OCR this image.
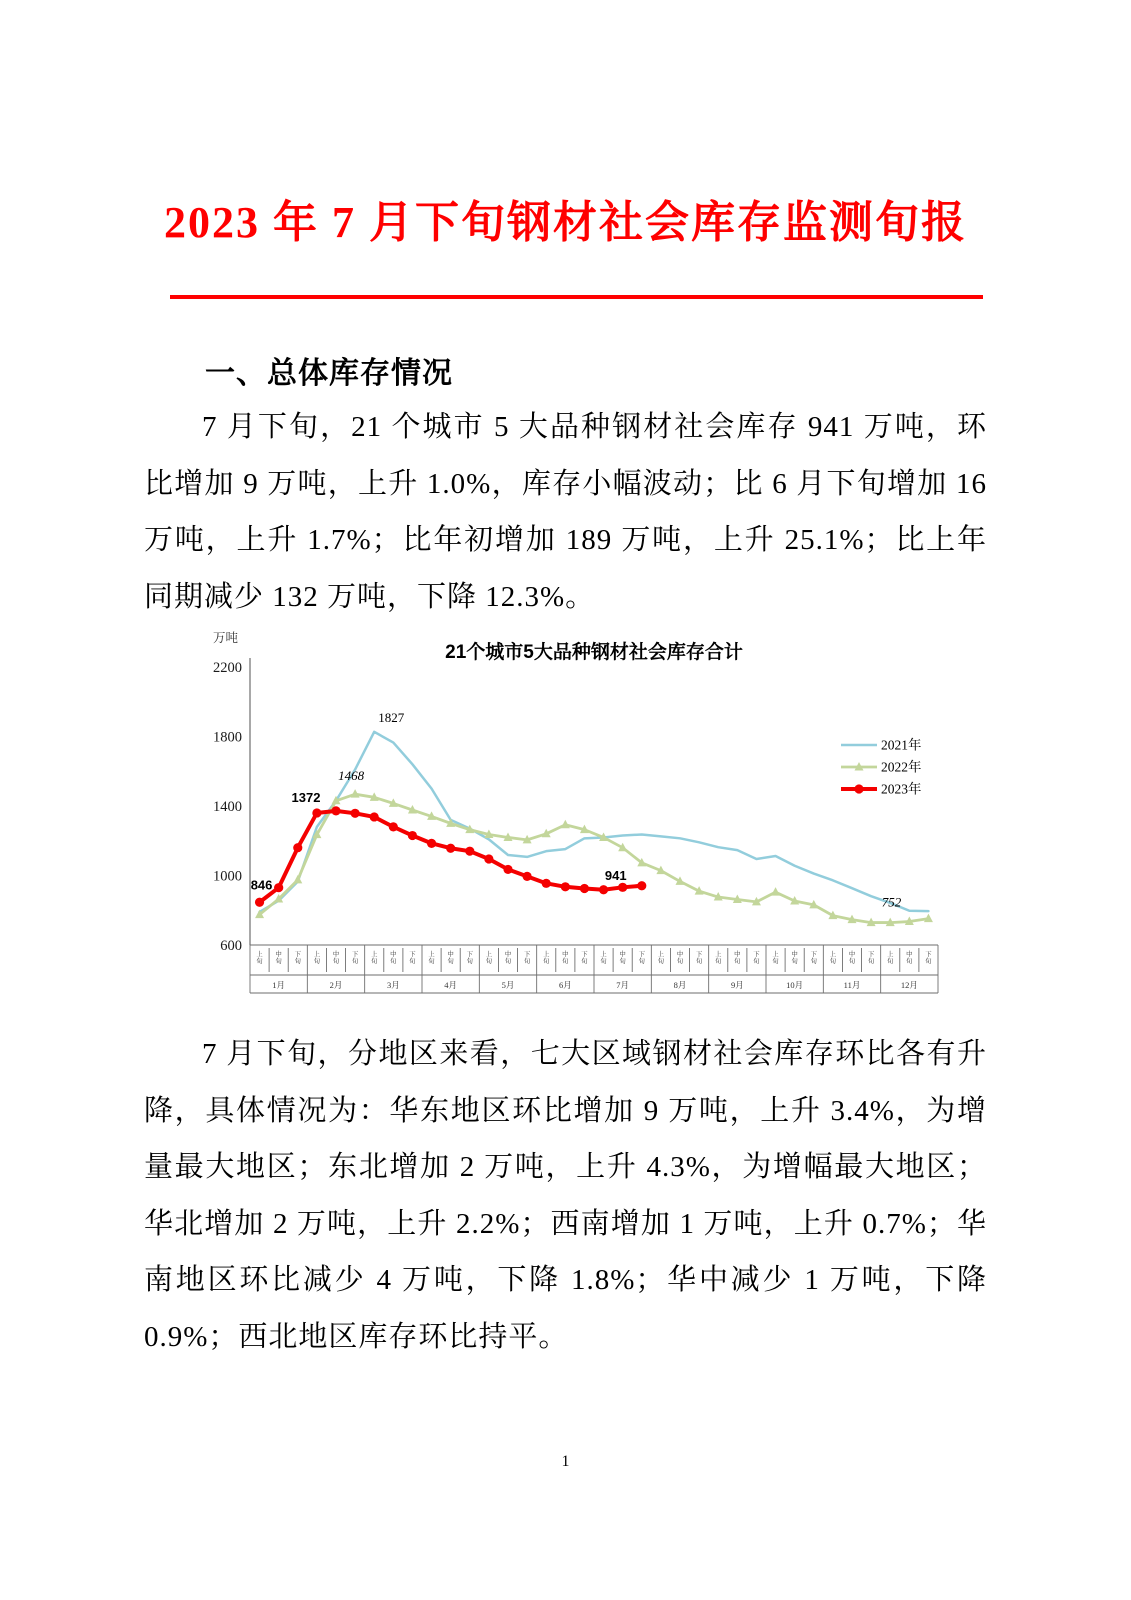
2023 年 7 月下旬钢材社会库存监测旬报
一、总体库存情况

7 月下旬，21 个城市 5 大品种钢材社会库存 941 万吨，环比增加 9 万吨，上升 1.0%，库存小幅波动；比 6 月下旬增加 16 万吨，上升 1.7%；比年初增加 189 万吨，上升 25.1%；比上年同期减少 132 万吨，下降 12.3%。

21个城市5大品种钢材社会库存合计
万吨
600
1000
1400
1800
2200
上旬
中旬
下旬
上旬
中旬
下旬
上旬
中旬
下旬
上旬
中旬
下旬
上旬
中旬
下旬
上旬
中旬
下旬
上旬
中旬
下旬
上旬
中旬
下旬
上旬
中旬
下旬
上旬
中旬
下旬
上旬
中旬
下旬
上旬
中旬
下旬
1月	2月	3月	4月	5月	6月	7月	8月	9月	10月	11月	12月
1827
1468
752
846
1372
941
2021年
2022年
2023年

7 月下旬，分地区来看，七大区域钢材社会库存环比各有升降，具体情况为：华东地区环比增加 9 万吨，上升 3.4%，为增量最大地区；东北增加 2 万吨，上升 4.3%，为增幅最大地区；华北增加 2 万吨，上升 2.2%；西南增加 1 万吨，上升 0.7%；华南地区环比减少 4 万吨，下降 1.8%；华中减少 1 万吨，下降 0.9%；西北地区库存环比持平。

1
